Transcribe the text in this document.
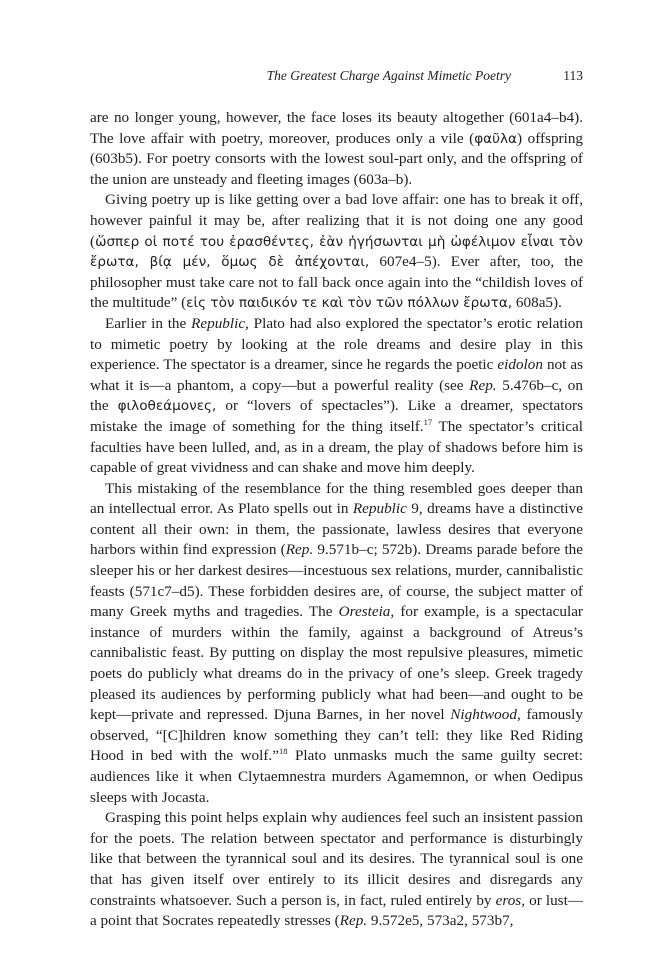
The Greatest Charge Against Mimetic Poetry	113

are no longer young, however, the face loses its beauty altogether (601a4–b4). The love affair with poetry, moreover, produces only a vile (φαῦλα) offspring (603b5). For poetry consorts with the lowest soul-part only, and the offspring of the union are unsteady and fleeting images (603a–b).

Giving poetry up is like getting over a bad love affair: one has to break it off, however painful it may be, after realizing that it is not doing one any good (ὥσπερ οἱ ποτέ του ἐρασθέντες, ἐὰν ἡγήσωνται μὴ ὠφέλιμον εἶναι τὸν ἔρωτα, βίᾳ μέν, ὅμως δὲ ἀπέχονται, 607e4–5). Ever after, too, the philosopher must take care not to fall back once again into the “childish loves of the multitude” (εἰς τὸν παιδικόν τε καὶ τὸν τῶν πόλλων ἔρωτα, 608a5).

Earlier in the Republic, Plato had also explored the spectator’s erotic relation to mimetic poetry by looking at the role dreams and desire play in this experience. The spectator is a dreamer, since he regards the poetic eidolon not as what it is—a phantom, a copy—but a powerful reality (see Rep. 5.476b–c, on the φιλοθεάμονες, or “lovers of spectacles”). Like a dreamer, spectators mistake the image of something for the thing itself.$^{17}$ The spectator’s critical faculties have been lulled, and, as in a dream, the play of shadows before him is capable of great vividness and can shake and move him deeply.

This mistaking of the resemblance for the thing resembled goes deeper than an intellectual error. As Plato spells out in Republic 9, dreams have a distinctive content all their own: in them, the passionate, lawless desires that everyone harbors within find expression (Rep. 9.571b–c; 572b). Dreams parade before the sleeper his or her darkest desires—incestuous sex relations, murder, cannibalistic feasts (571c7–d5). These forbidden desires are, of course, the subject matter of many Greek myths and tragedies. The Oresteia, for example, is a spectacular instance of murders within the family, against a background of Atreus’s cannibalistic feast. By putting on display the most repulsive pleasures, mimetic poets do publicly what dreams do in the privacy of one’s sleep. Greek tragedy pleased its audiences by performing publicly what had been—and ought to be kept—private and repressed. Djuna Barnes, in her novel Nightwood, famously observed, “[C]hildren know something they can’t tell: they like Red Riding Hood in bed with the wolf.”$^{18}$ Plato unmasks much the same guilty secret: audiences like it when Clytaemnestra murders Agamemnon, or when Oedipus sleeps with Jocasta.

Grasping this point helps explain why audiences feel such an insistent passion for the poets. The relation between spectator and performance is disturbingly like that between the tyrannical soul and its desires. The tyrannical soul is one that has given itself over entirely to its illicit desires and disregards any constraints whatsoever. Such a person is, in fact, ruled entirely by eros, or lust—a point that Socrates repeatedly stresses (Rep. 9.572e5, 573a2, 573b7,
